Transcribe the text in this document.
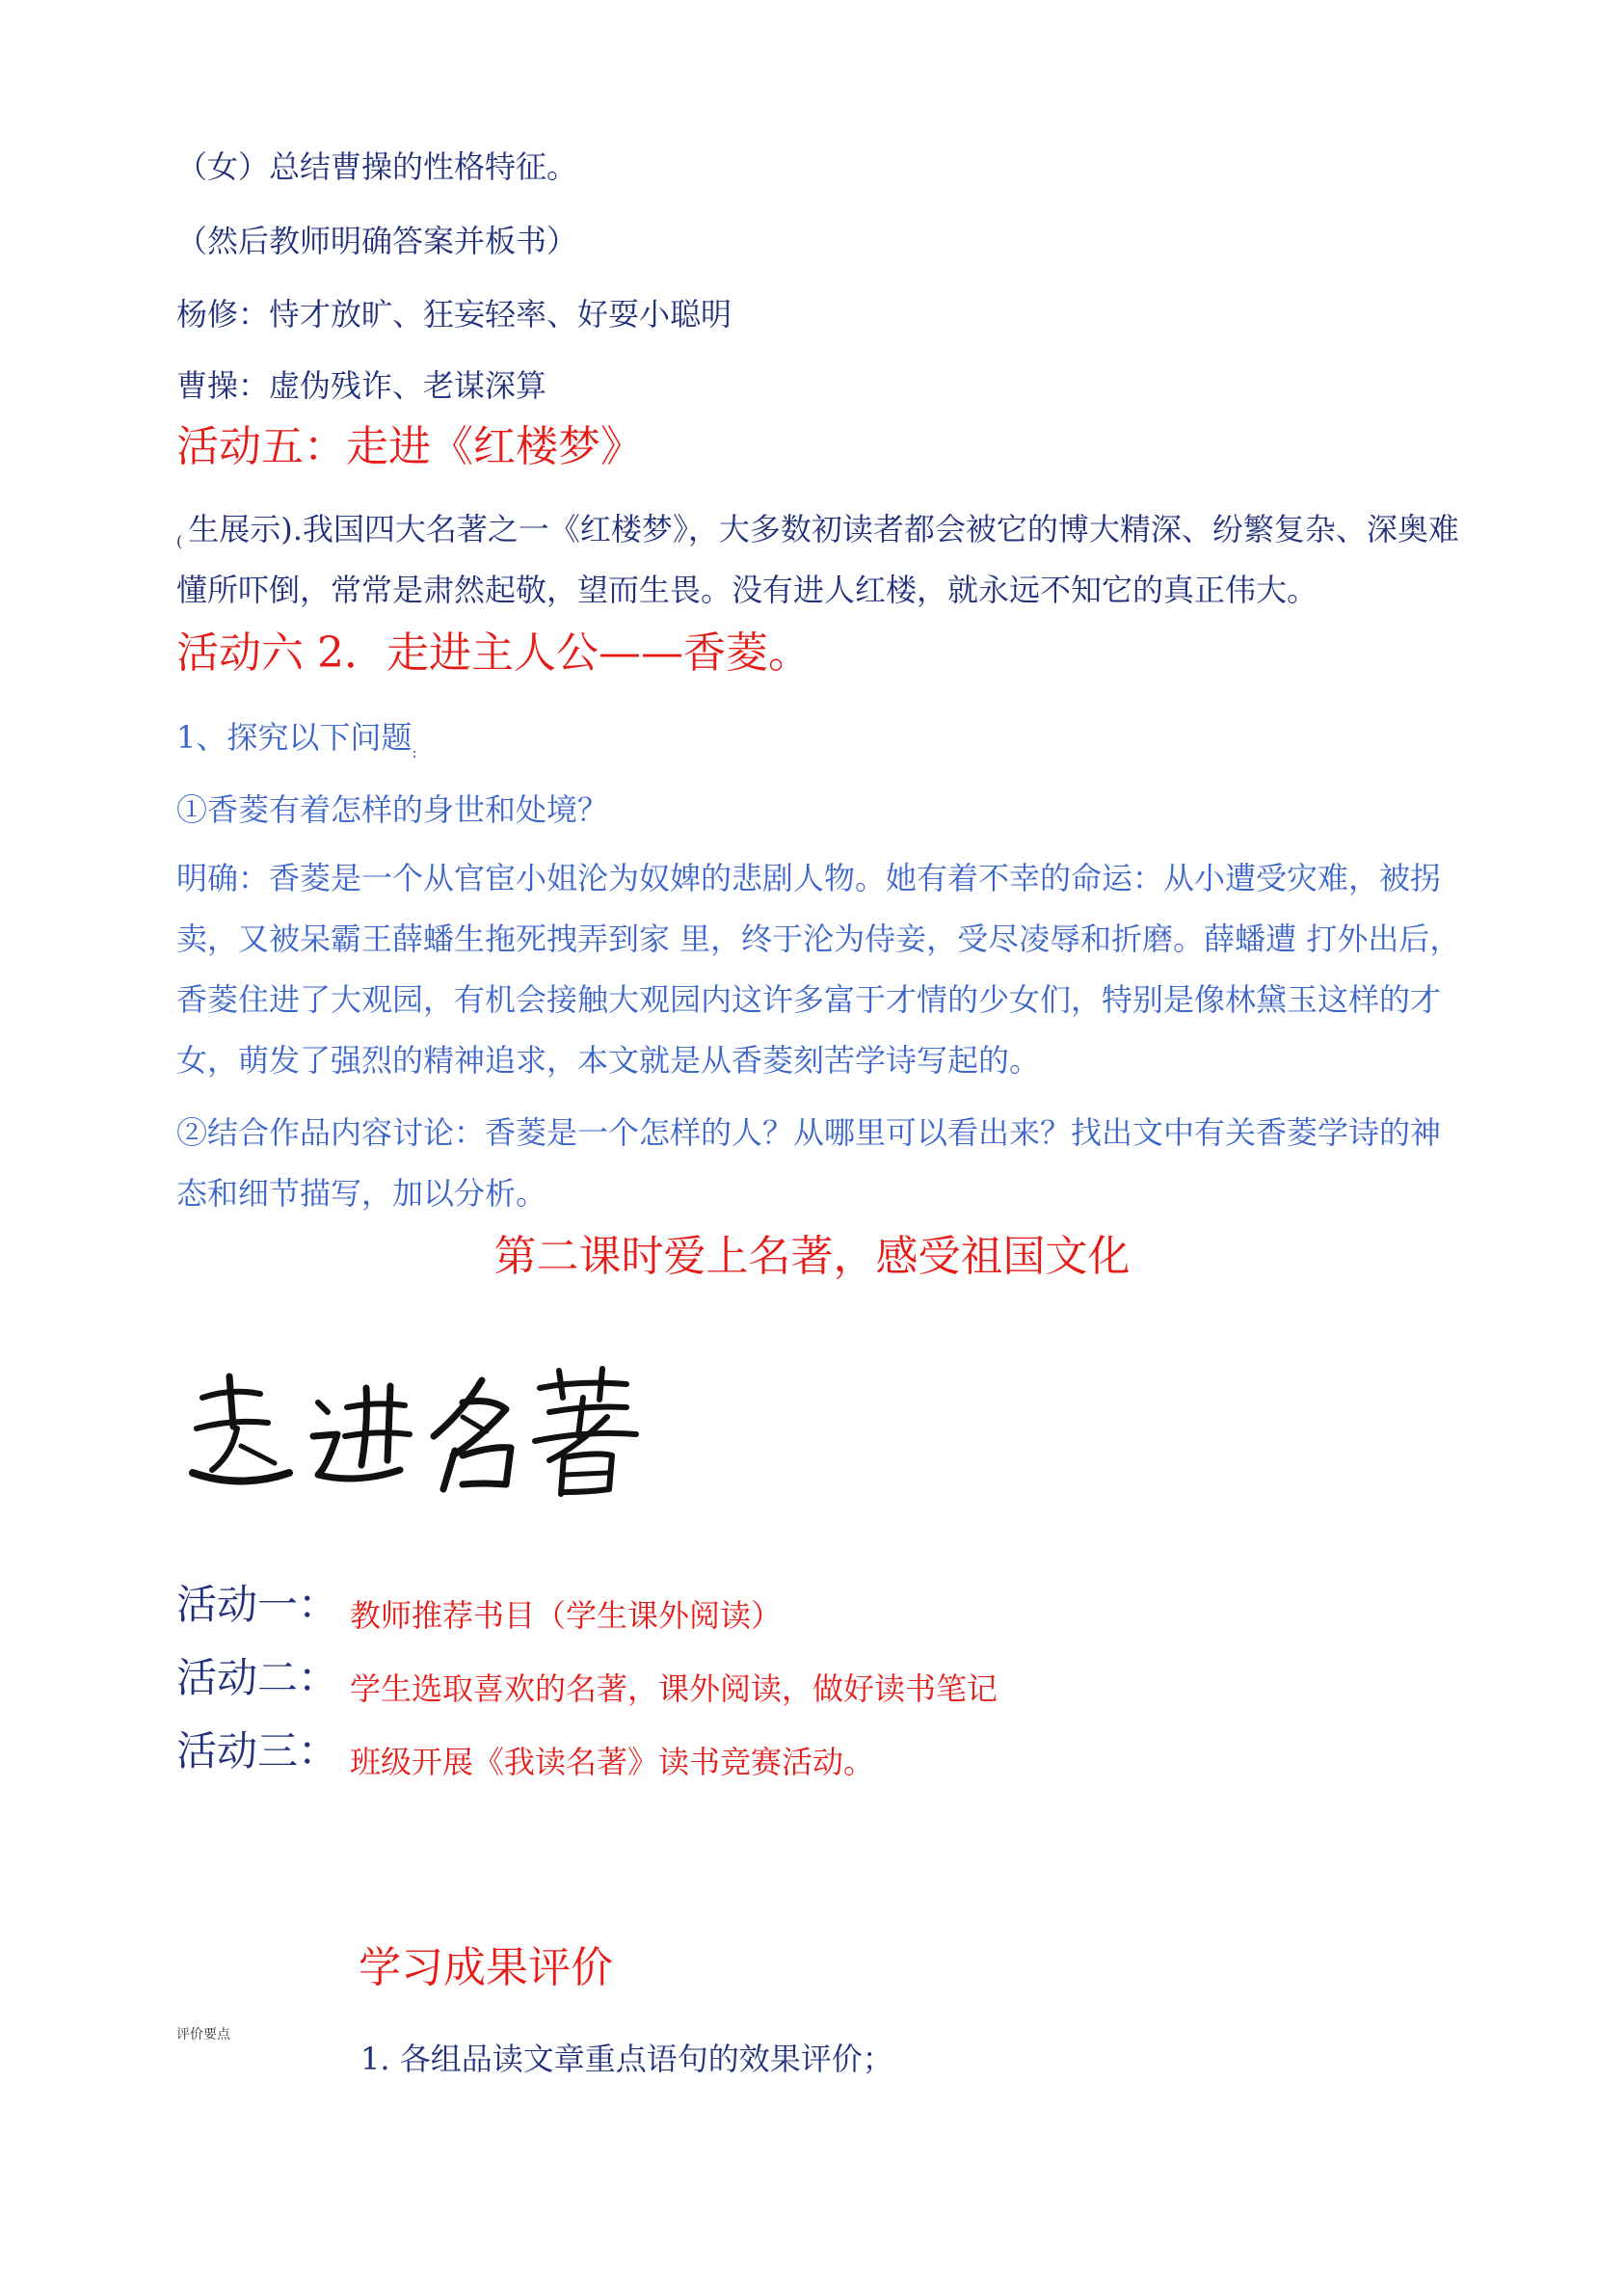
（女）总结曹操的性格特征。
（然后教师明确答案并板书）
杨修：恃才放旷、狂妄轻率、好耍小聪明
曹操：虚伪残诈、老谋深算
活动五：走进《红楼梦》
( 生展示).我国四大名著之一《红楼梦》，大多数初读者都会被它的博大精深、纷繁复杂、深奥难懂所吓倒，常常是肃然起敬，望而生畏。没有进人红楼，就永远不知它的真正伟大。
活动六 2．走进主人公——香菱。
1、探究以下问题$_:$
①香菱有着怎样的身世和处境？
明确：香菱是一个从官宦小姐沦为奴婢的悲剧人物。她有着不幸的命运：从小遭受灾难，被拐卖，又被呆霸王薛蟠生拖死拽弄到家 里，终于沦为侍妾，受尽凌辱和折磨。薛蟠遭 打外出后，香菱住进了大观园，有机会接触大观园内这许多富于才情的少女们，特别是像林黛玉这样的才女，萌发了强烈的精神追求，本文就是从香菱刻苦学诗写起的。
②结合作品内容讨论：香菱是一个怎样的人？从哪里可以看出来？找出文中有关香菱学诗的神态和细节描写，加以分析。
第二课时爱上名著，感受祖国文化
活动一： 教师推荐书目（学生课外阅读）
活动二： 学生选取喜欢的名著，课外阅读，做好读书笔记
活动三： 班级开展《我读名著》读书竞赛活动。
学习成果评价
评价要点
1. 各组品读文章重点语句的效果评价；
